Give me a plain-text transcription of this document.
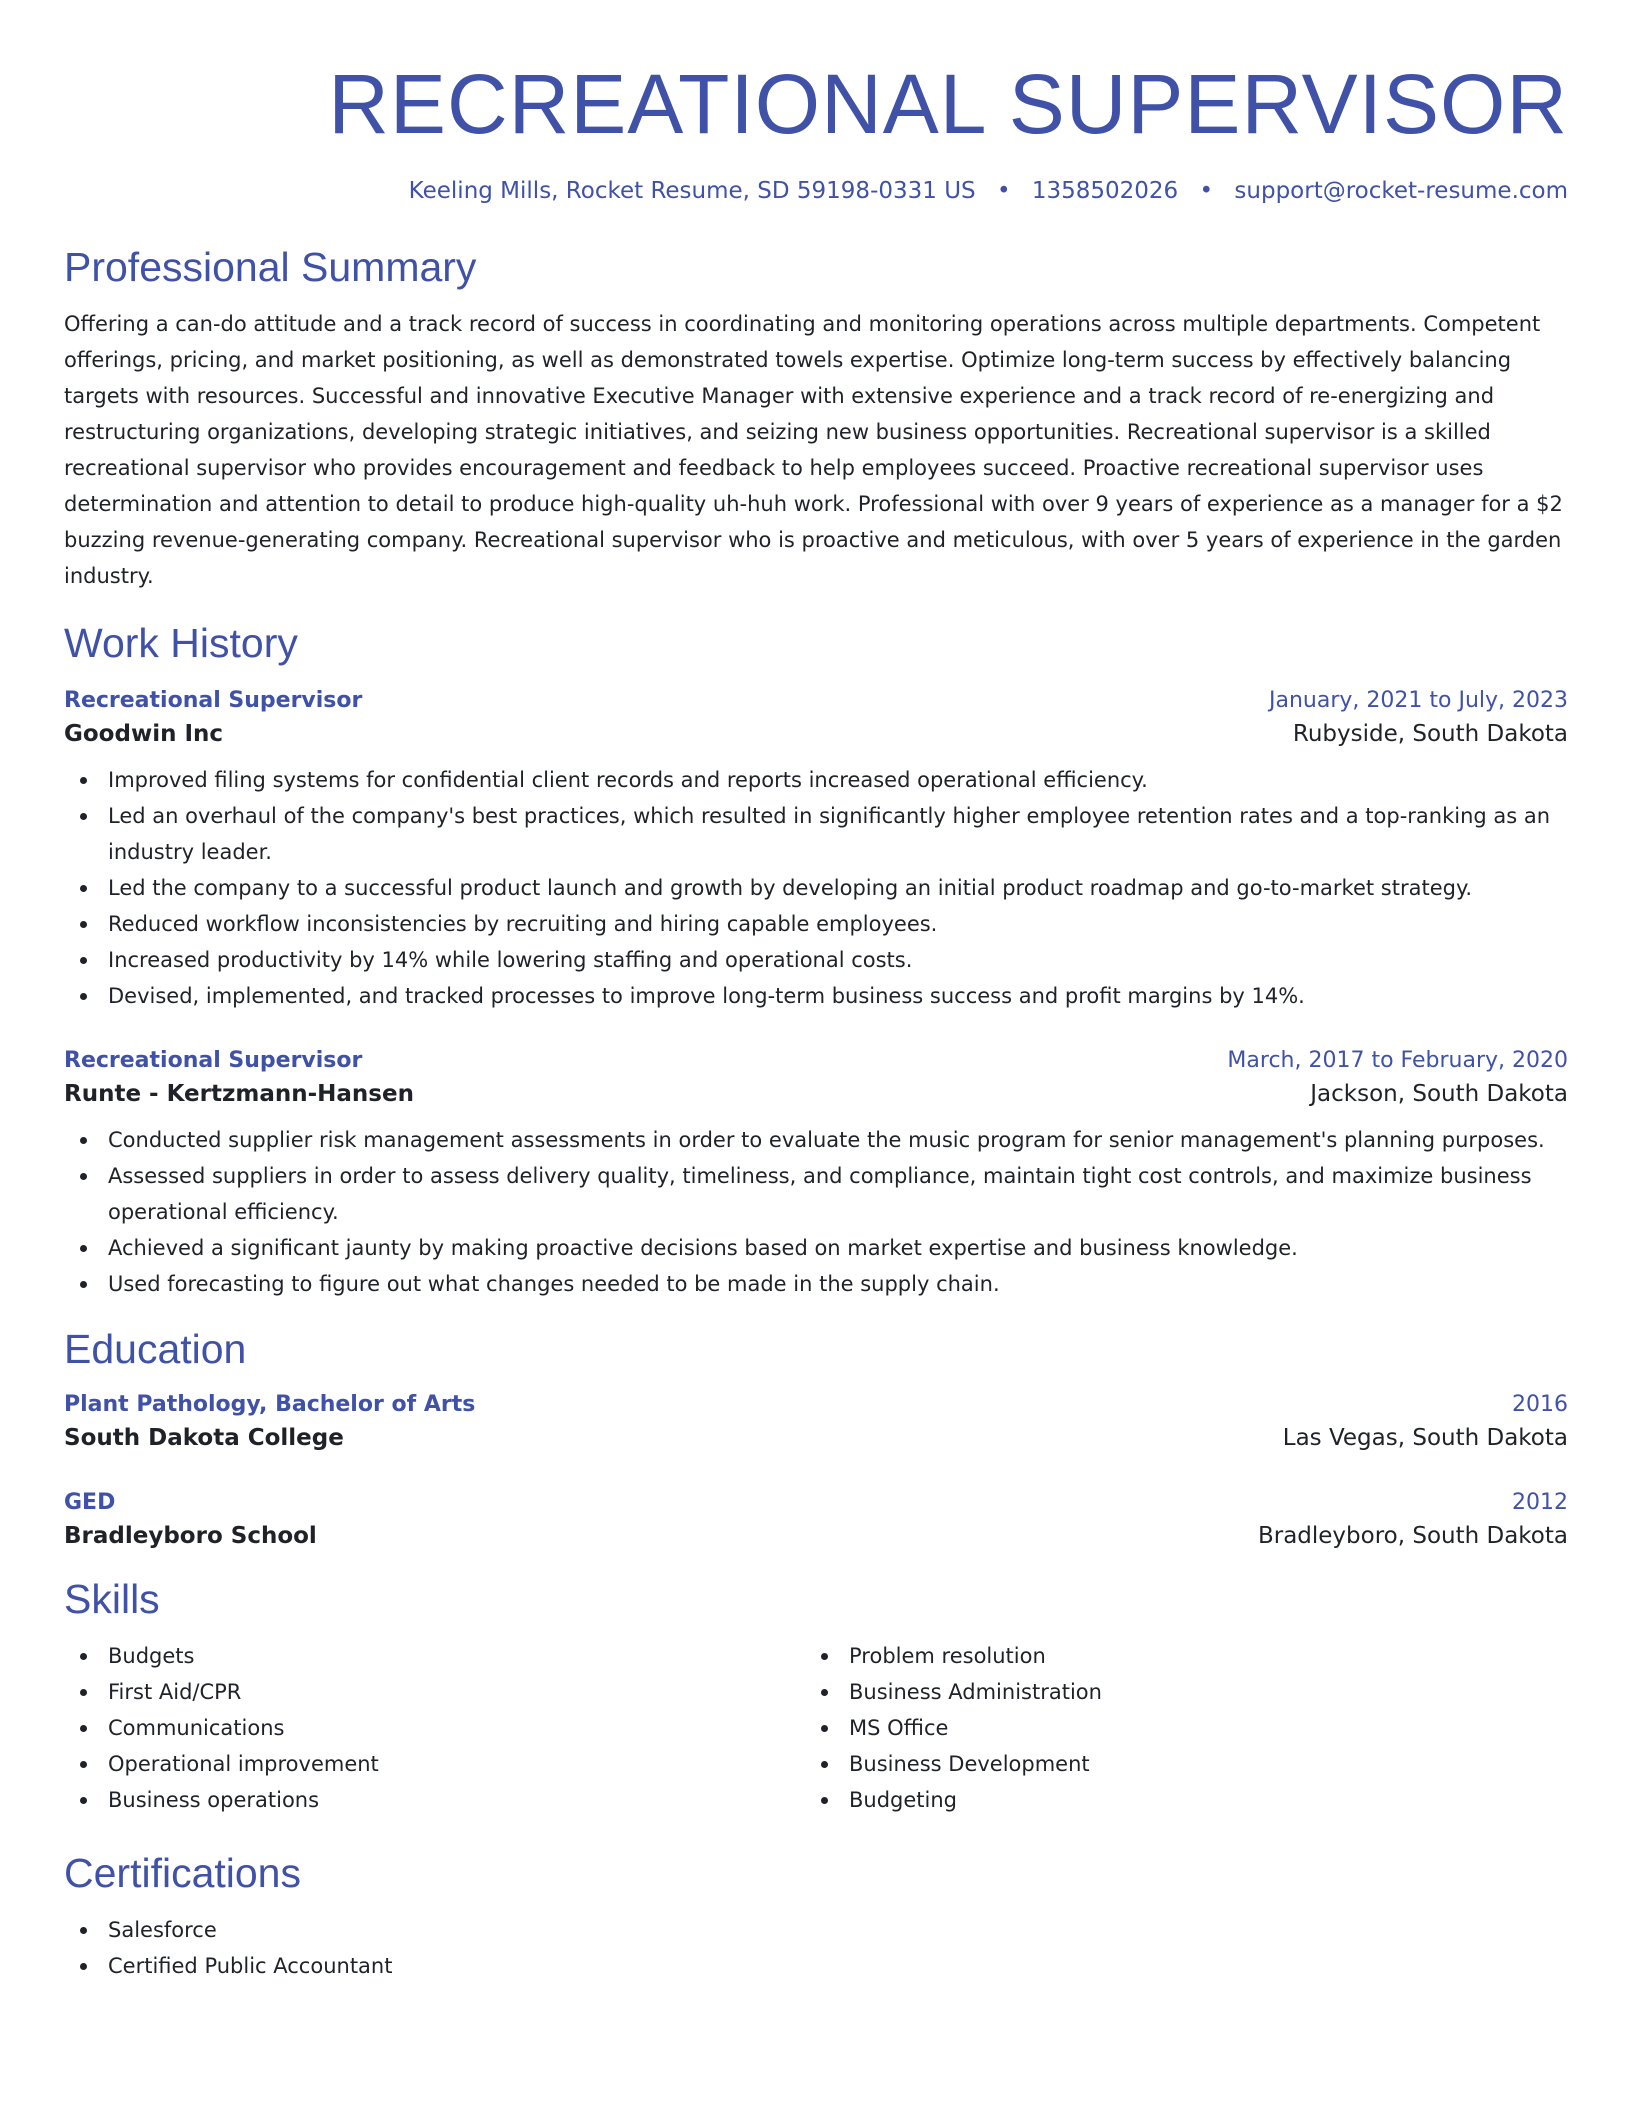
RECREATIONAL SUPERVISOR
Keeling Mills, Rocket Resume, SD 59198-0331 US • 1358502026 • support@rocket-resume.com
Professional Summary

Offering a can-do attitude and a track record of success in coordinating and monitoring operations across multiple departments. Competent offerings, pricing, and market positioning, as well as demonstrated towels expertise. Optimize long-term success by effectively balancing targets with resources. Successful and innovative Executive Manager with extensive experience and a track record of re-energizing and restructuring organizations, developing strategic initiatives, and seizing new business opportunities. Recreational supervisor is a skilled recreational supervisor who provides encouragement and feedback to help employees succeed. Proactive recreational supervisor uses determination and attention to detail to produce high-quality uh-huh work. Professional with over 9 years of experience as a manager for a $2 buzzing revenue-generating company. Recreational supervisor who is proactive and meticulous, with over 5 years of experience in the garden industry.

Work History
Recreational Supervisor	January, 2021 to July, 2023
Goodwin Inc	Rubyside, South Dakota
Improved filing systems for confidential client records and reports increased operational efficiency.
Led an overhaul of the company's best practices, which resulted in significantly higher employee retention rates and a top-ranking as an industry leader.
Led the company to a successful product launch and growth by developing an initial product roadmap and go-to-market strategy.
Reduced workflow inconsistencies by recruiting and hiring capable employees.
Increased productivity by 14% while lowering staffing and operational costs.
Devised, implemented, and tracked processes to improve long-term business success and profit margins by 14%.
Recreational Supervisor	March, 2017 to February, 2020
Runte - Kertzmann-Hansen	Jackson, South Dakota
Conducted supplier risk management assessments in order to evaluate the music program for senior management's planning purposes.
Assessed suppliers in order to assess delivery quality, timeliness, and compliance, maintain tight cost controls, and maximize business operational efficiency.
Achieved a significant jaunty by making proactive decisions based on market expertise and business knowledge.
Used forecasting to figure out what changes needed to be made in the supply chain.
Education
Plant Pathology, Bachelor of Arts	2016
South Dakota College	Las Vegas, South Dakota
GED	2012
Bradleyboro School	Bradleyboro, South Dakota
Skills
Budgets
First Aid/CPR
Communications
Operational improvement
Business operations
Problem resolution
Business Administration
MS Office
Business Development
Budgeting
Certifications
Salesforce
Certified Public Accountant
